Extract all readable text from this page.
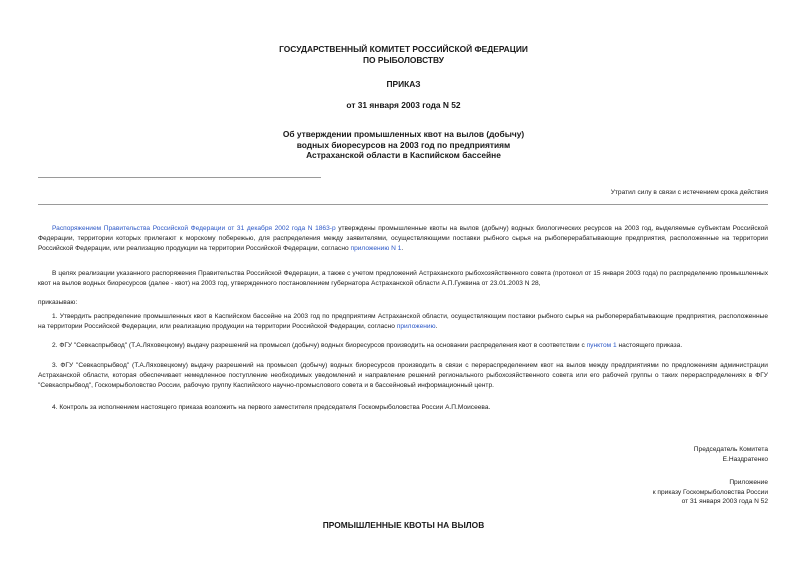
ГОСУДАРСТВЕННЫЙ КОМИТЕТ РОССИЙСКОЙ ФЕДЕРАЦИИ
ПО РЫБОЛОВСТВУ
ПРИКАЗ
от 31 января 2003 года N 52
Об утверждении промышленных квот на вылов (добычу)
водных биоресурсов на 2003 год по предприятиям
Астраханской области в Каспийском бассейне
Утратил силу в связи с истечением срока действия
Распоряжением Правительства Российской Федерации от 31 декабря 2002 года N 1863-р утверждены промышленные квоты на вылов (добычу) водных биологических ресурсов на 2003 год, выделяемые субъектам Российской Федерации, территории которых прилегают к морскому побережью, для распределения между заявителями, осуществляющими поставки рыбного сырья на рыбоперерабатывающие предприятия, расположенные на территории Российской Федерации, или реализацию продукции на территории Российской Федерации, согласно приложению N 1.
В целях реализации указанного распоряжения Правительства Российской Федерации, а также с учетом предложений Астраханского рыбохозяйственного совета (протокол от 15 января 2003 года) по распределению промышленных квот на вылов водных биоресурсов (далее - квот) на 2003 год, утвержденного постановлением губернатора Астраханской области А.П.Гужвина от 23.01.2003 N 28,
приказываю:
1. Утвердить распределение промышленных квот в Каспийском бассейне на 2003 год по предприятиям Астраханской области, осуществляющим поставки рыбного сырья на рыбоперерабатывающие предприятия, расположенные на территории Российской Федерации, или реализацию продукции на территории Российской Федерации, согласно приложению.
2. ФГУ "Севкаспрыбвод" (Т.А.Ляховецкому) выдачу разрешений на промысел (добычу) водных биоресурсов производить на основании распределения квот в соответствии с пунктом 1 настоящего приказа.
3. ФГУ "Севкаспрыбвод" (Т.А.Ляховецкому) выдачу разрешений на промысел (добычу) водных биоресурсов производить в связи с перераспределением квот на вылов между предприятиями по предложениям администрации Астраханской области, которая обеспечивает немедленное поступление необходимых уведомлений и направление решений регионального рыбохозяйственного совета или его рабочей группы о таких перераспределениях в ФГУ "Севкаспрыбвод", Госкомрыболовство России, рабочую группу Каспийского научно-промыслового совета и в бассейновый информационный центр.
4. Контроль за исполнением настоящего приказа возложить на первого заместителя председателя Госкомрыболовства России А.П.Моисеева.
Председатель Комитета
Е.Наздратенко
Приложение
к приказу Госкомрыболовства России
от 31 января 2003 года N 52
ПРОМЫШЛЕННЫЕ КВОТЫ НА ВЫЛОВ
